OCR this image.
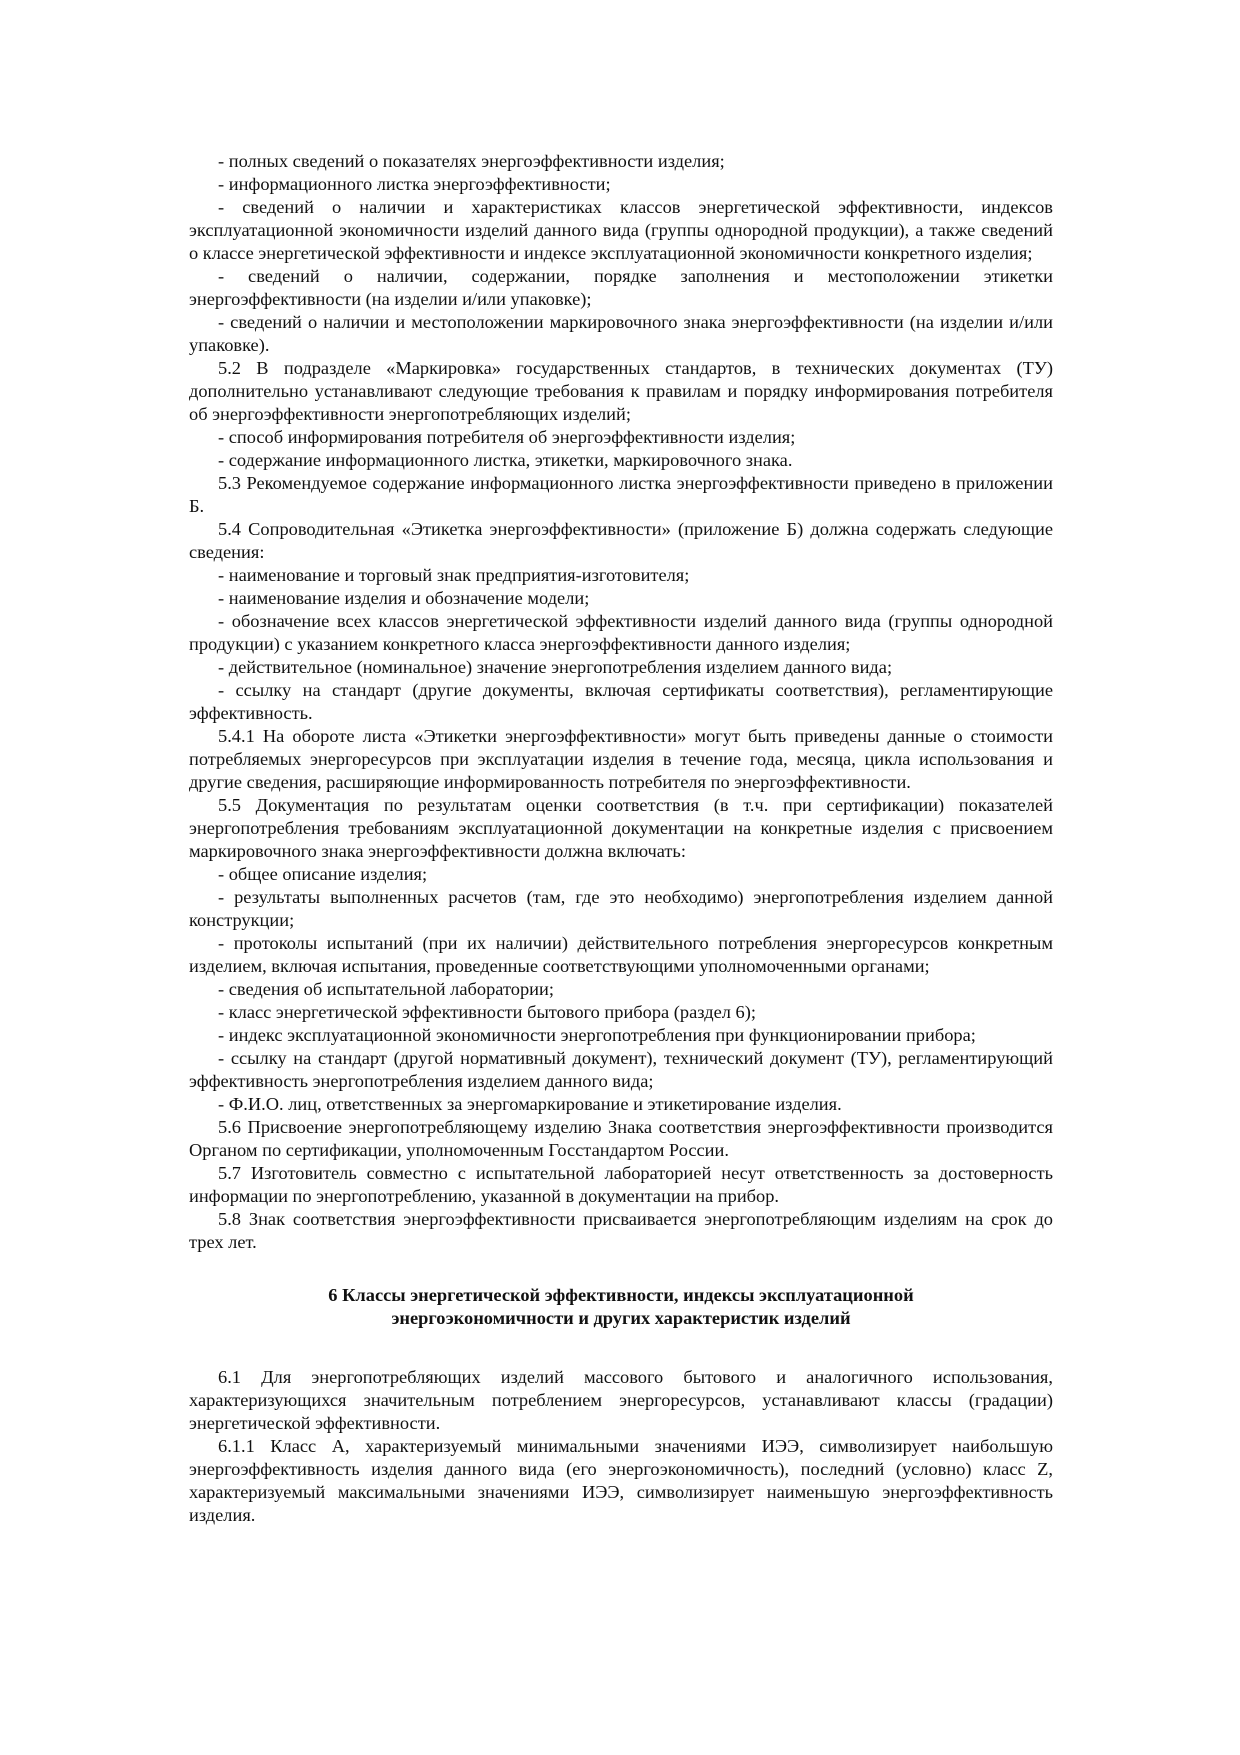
- полных сведений о показателях энергоэффективности изделия;

- информационного листка энергоэффективности;

- сведений о наличии и характеристиках классов энергетической эффективности, индексов эксплуатационной экономичности изделий данного вида (группы однородной продукции), а также сведений о классе энергетической эффективности и индексе эксплуатационной экономичности конкретного изделия;

- сведений о наличии, содержании, порядке заполнения и местоположении этикетки энергоэффективности (на изделии и/или упаковке);

- сведений о наличии и местоположении маркировочного знака энергоэффективности (на изделии и/или упаковке).

5.2 В подразделе «Маркировка» государственных стандартов, в технических документах (ТУ) дополнительно устанавливают следующие требования к правилам и порядку информирования потребителя об энергоэффективности энергопотребляющих изделий;

- способ информирования потребителя об энергоэффективности изделия;

- содержание информационного листка, этикетки, маркировочного знака.

5.3 Рекомендуемое содержание информационного листка энергоэффективности приведено в приложении Б.

5.4 Сопроводительная «Этикетка энергоэффективности» (приложение Б) должна содержать следующие сведения:

- наименование и торговый знак предприятия-изготовителя;

- наименование изделия и обозначение модели;

- обозначение всех классов энергетической эффективности изделий данного вида (группы однородной продукции) с указанием конкретного класса энергоэффективности данного изделия;

- действительное (номинальное) значение энергопотребления изделием данного вида;

- ссылку на стандарт (другие документы, включая сертификаты соответствия), регламентирующие эффективность.

5.4.1 На обороте листа «Этикетки энергоэффективности» могут быть приведены данные о стоимости потребляемых энергоресурсов при эксплуатации изделия в течение года, месяца, цикла использования и другие сведения, расширяющие информированность потребителя по энергоэффективности.

5.5 Документация по результатам оценки соответствия (в т.ч. при сертификации) показателей энергопотребления требованиям эксплуатационной документации на конкретные изделия с присвоением маркировочного знака энергоэффективности должна включать:

- общее описание изделия;

- результаты выполненных расчетов (там, где это необходимо) энергопотребления изделием данной конструкции;

- протоколы испытаний (при их наличии) действительного потребления энергоресурсов конкретным изделием, включая испытания, проведенные соответствующими уполномоченными органами;

- сведения об испытательной лаборатории;

- класс энергетической эффективности бытового прибора (раздел 6);

- индекс эксплуатационной экономичности энергопотребления при функционировании прибора;

- ссылку на стандарт (другой нормативный документ), технический документ (ТУ), регламентирующий эффективность энергопотребления изделием данного вида;

- Ф.И.О. лиц, ответственных за энергомаркирование и этикетирование изделия.

5.6 Присвоение энергопотребляющему изделию Знака соответствия энергоэффективности производится Органом по сертификации, уполномоченным Госстандартом России.

5.7 Изготовитель совместно с испытательной лабораторией несут ответственность за достоверность информации по энергопотреблению, указанной в документации на прибор.

5.8 Знак соответствия энергоэффективности присваивается энергопотребляющим изделиям на срок до трех лет.

6 Классы энергетической эффективности, индексы эксплуатационной
энергоэкономичности и других характеристик изделий

6.1 Для энергопотребляющих изделий массового бытового и аналогичного использования, характеризующихся значительным потреблением энергоресурсов, устанавливают классы (градации) энергетической эффективности.

6.1.1 Класс А, характеризуемый минимальными значениями ИЭЭ, символизирует наибольшую энергоэффективность изделия данного вида (его энергоэкономичность), последний (условно) класс Z, характеризуемый максимальными значениями ИЭЭ, символизирует наименьшую энергоэффективность изделия.
